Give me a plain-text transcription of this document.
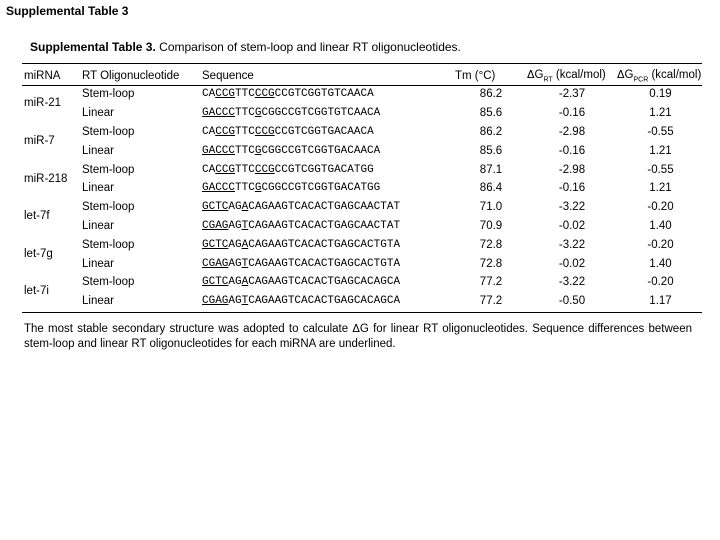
Supplemental Table 3
Supplemental Table 3. Comparison of stem-loop and linear RT oligonucleotides.
miRNA	RT Oligonucleotide	Sequence	Tm (°C)	$\Delta G_{RT}$ (kcal/mol)	$\Delta G_{PCR}$ (kcal/mol)
miR-21	Stem-loop	CACCGTTCCCGCCGTCGGTGTCAACA	86.2	-2.37	0.19
	Linear	GACCCTTCGCGGCCGTCGGTGTCAACA	85.6	-0.16	1.21
miR-7	Stem-loop	CACCGTTCCCGCCGTCGGTGACAACA	86.2	-2.98	-0.55
	Linear	GACCCTTCGCGGCCGTCGGTGACAACA	85.6	-0.16	1.21
miR-218	Stem-loop	CACCGTTCCCGCCGTCGGTGACATGG	87.1	-2.98	-0.55
	Linear	GACCCTTCGCGGCCGTCGGTGACATGG	86.4	-0.16	1.21
let-7f	Stem-loop	GCTCAGACAGAAGTCACACTGAGCAACTAT	71.0	-3.22	-0.20
	Linear	CGAGAGTCAGAAGTCACACTGAGCAACTAT	70.9	-0.02	1.40
let-7g	Stem-loop	GCTCAGACAGAAGTCACACTGAGCACTGTA	72.8	-3.22	-0.20
	Linear	CGAGAGTCAGAAGTCACACTGAGCACTGTA	72.8	-0.02	1.40
let-7i	Stem-loop	GCTCAGACAGAAGTCACACTGAGCACAGCA	77.2	-3.22	-0.20
	Linear	CGAGAGTCAGAAGTCACACTGAGCACAGCA	77.2	-0.50	1.17
The most stable secondary structure was adopted to calculate ΔG for linear RT oligonucleotides. Sequence differences between stem-loop and linear RT oligonucleotides for each miRNA are underlined.
